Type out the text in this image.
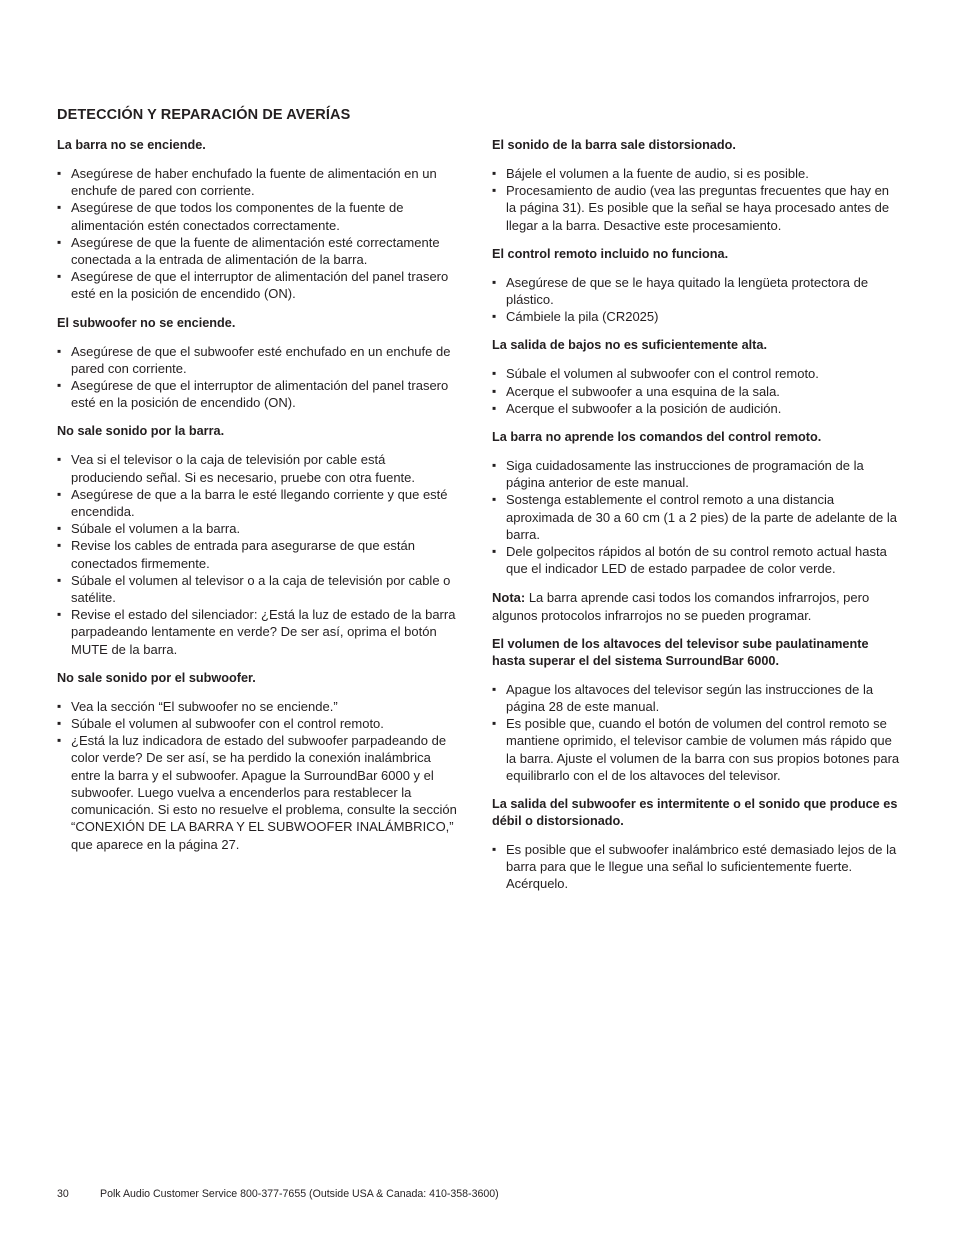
DETECCIÓN Y REPARACIÓN DE AVERÍAS
La barra no se enciende.
▪ Asegúrese de haber enchufado la fuente de alimentación en un enchufe de pared con corriente.
▪ Asegúrese de que todos los componentes de la fuente de alimentación estén conectados correctamente.
▪ Asegúrese de que la fuente de alimentación esté correctamente conectada a la entrada de alimentación de la barra.
▪ Asegúrese de que el interruptor de alimentación del panel trasero esté en la posición de encendido (ON).
El subwoofer no se enciende.
▪ Asegúrese de que el subwoofer esté enchufado en un enchufe de pared con corriente.
▪ Asegúrese de que el interruptor de alimentación del panel trasero esté en la posición de encendido (ON).
No sale sonido por la barra.
▪ Vea si el televisor o la caja de televisión por cable está produciendo señal. Si es necesario, pruebe con otra fuente.
▪ Asegúrese de que a la barra le esté llegando corriente y que esté encendida.
▪ Súbale el volumen a la barra.
▪ Revise los cables de entrada para asegurarse de que están conectados firmemente.
▪ Súbale el volumen al televisor o a la caja de televisión por cable o satélite.
▪ Revise el estado del silenciador: ¿Está la luz de estado de la barra parpadeando lentamente en verde? De ser así, oprima el botón MUTE de la barra.
No sale sonido por el subwoofer.
▪ Vea la sección “El subwoofer no se enciende.”
▪ Súbale el volumen al subwoofer con el control remoto.
▪ ¿Está la luz indicadora de estado del subwoofer parpadeando de color verde? De ser así, se ha perdido la conexión inalámbrica entre la barra y el subwoofer. Apague la SurroundBar 6000 y el subwoofer. Luego vuelva a encenderlos para restablecer la comunicación. Si esto no resuelve el problema, consulte la sección “CONEXIÓN DE LA BARRA Y EL SUBWOOFER INALÁMBRICO,” que aparece en la página 27.
El sonido de la barra sale distorsionado.
▪ Bájele el volumen a la fuente de audio, si es posible.
▪ Procesamiento de audio (vea las preguntas frecuentes que hay en la página 31). Es posible que la señal se haya procesado antes de llegar a la barra. Desactive este procesamiento.
El control remoto incluido no funciona.
▪ Asegúrese de que se le haya quitado la lengüeta protectora de plástico.
▪ Cámbiele la pila (CR2025)
La salida de bajos no es suficientemente alta.
▪ Súbale el volumen al subwoofer con el control remoto.
▪ Acerque el subwoofer a una esquina de la sala.
▪ Acerque el subwoofer a la posición de audición.
La barra no aprende los comandos del control remoto.
▪ Siga cuidadosamente las instrucciones de programación de la página anterior de este manual.
▪ Sostenga establemente el control remoto a una distancia aproximada de 30 a 60 cm (1 a 2 pies) de la parte de adelante de la barra.
▪ Dele golpecitos rápidos al botón de su control remoto actual hasta que el indicador LED de estado parpadee de color verde.

Nota: La barra aprende casi todos los comandos infrarrojos, pero algunos protocolos infrarrojos no se pueden programar.

El volumen de los altavoces del televisor sube paulatinamente hasta superar el del sistema SurroundBar 6000.
▪ Apague los altavoces del televisor según las instrucciones de la página 28 de este manual.
▪ Es posible que, cuando el botón de volumen del control remoto se mantiene oprimido, el televisor cambie de volumen más rápido que la barra. Ajuste el volumen de la barra con sus propios botones para equilibrarlo con el de los altavoces del televisor.
La salida del subwoofer es intermitente o el sonido que produce es débil o distorsionado.
▪ Es posible que el subwoofer inalámbrico esté demasiado lejos de la barra para que le llegue una señal lo suficientemente fuerte. Acérquelo.
30	Polk Audio Customer Service 800-377-7655 (Outside USA & Canada: 410-358-3600)
